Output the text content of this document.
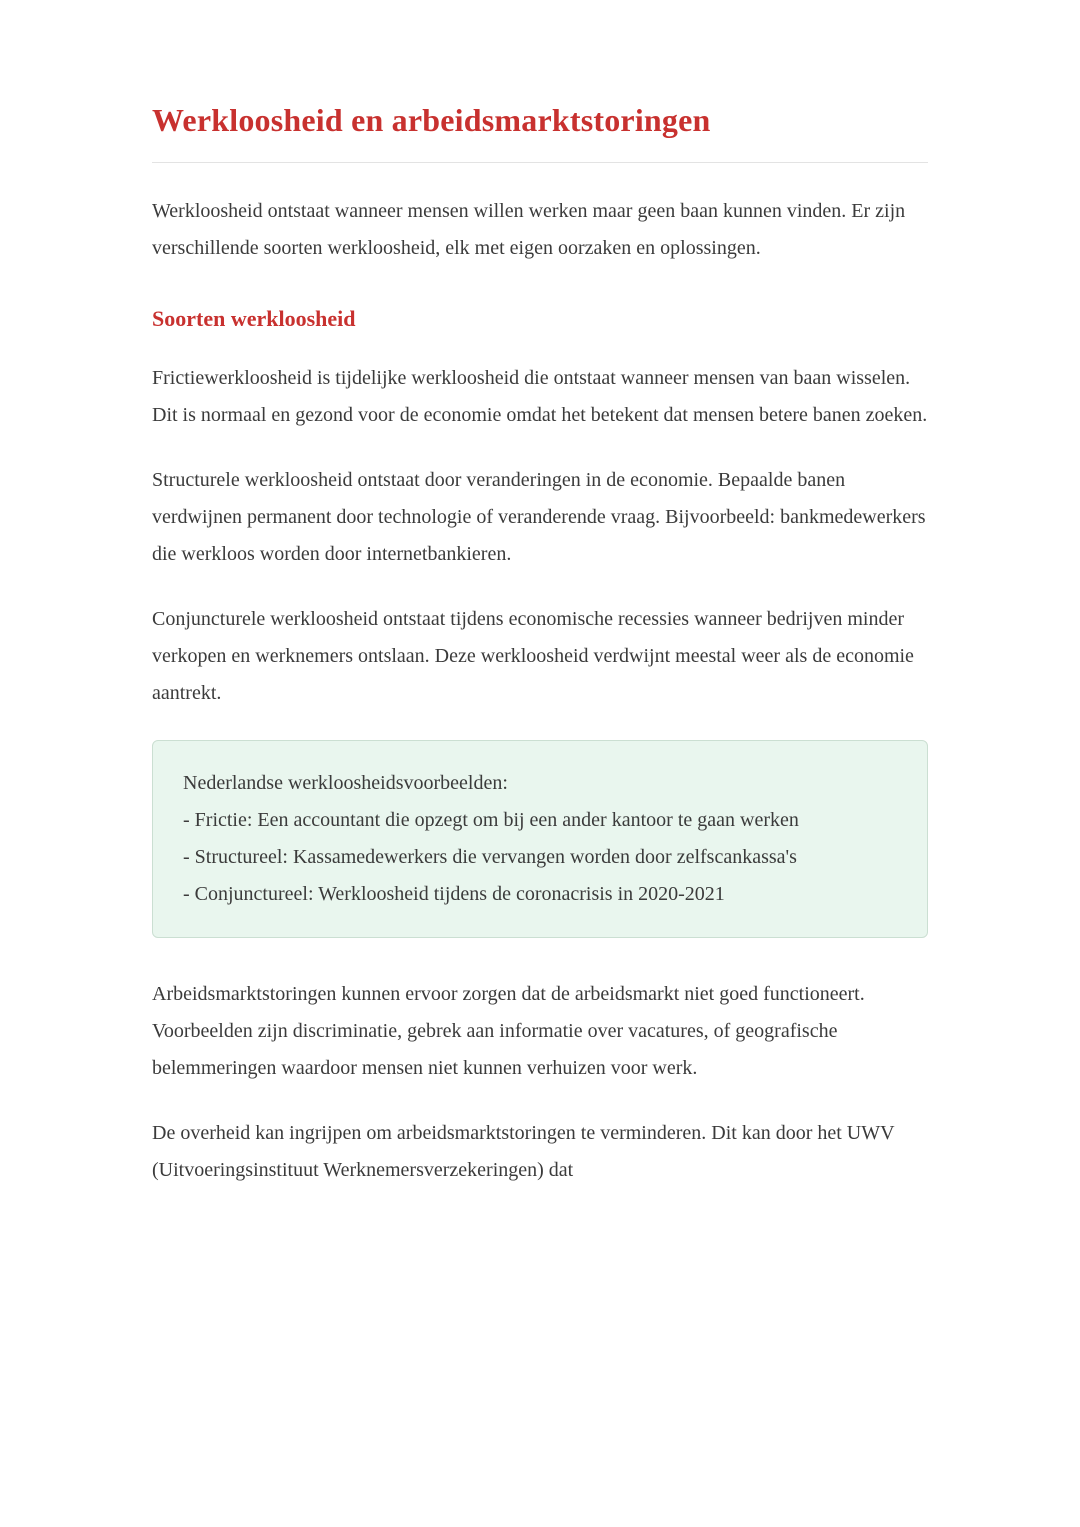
Werkloosheid en arbeidsmarktstoringen

Werkloosheid ontstaat wanneer mensen willen werken maar geen baan kunnen vinden. Er zijn verschillende soorten werkloosheid, elk met eigen oorzaken en oplossingen.

Soorten werkloosheid

Frictiewerkloosheid is tijdelijke werkloosheid die ontstaat wanneer mensen van baan wisselen. Dit is normaal en gezond voor de economie omdat het betekent dat mensen betere banen zoeken.

Structurele werkloosheid ontstaat door veranderingen in de economie. Bepaalde banen verdwijnen permanent door technologie of veranderende vraag. Bijvoorbeeld: bankmedewerkers die werkloos worden door internetbankieren.

Conjuncturele werkloosheid ontstaat tijdens economische recessies wanneer bedrijven minder verkopen en werknemers ontslaan. Deze werkloosheid verdwijnt meestal weer als de economie aantrekt.

Nederlandse werkloosheidsvoorbeelden:
- Frictie: Een accountant die opzegt om bij een ander kantoor te gaan werken
- Structureel: Kassamedewerkers die vervangen worden door zelfscankassa's
- Conjunctureel: Werkloosheid tijdens de coronacrisis in 2020-2021

Arbeidsmarktstoringen kunnen ervoor zorgen dat de arbeidsmarkt niet goed functioneert. Voorbeelden zijn discriminatie, gebrek aan informatie over vacatures, of geografische belemmeringen waardoor mensen niet kunnen verhuizen voor werk.

De overheid kan ingrijpen om arbeidsmarktstoringen te verminderen. Dit kan door het UWV (Uitvoeringsinstituut Werknemersverzekeringen) dat
